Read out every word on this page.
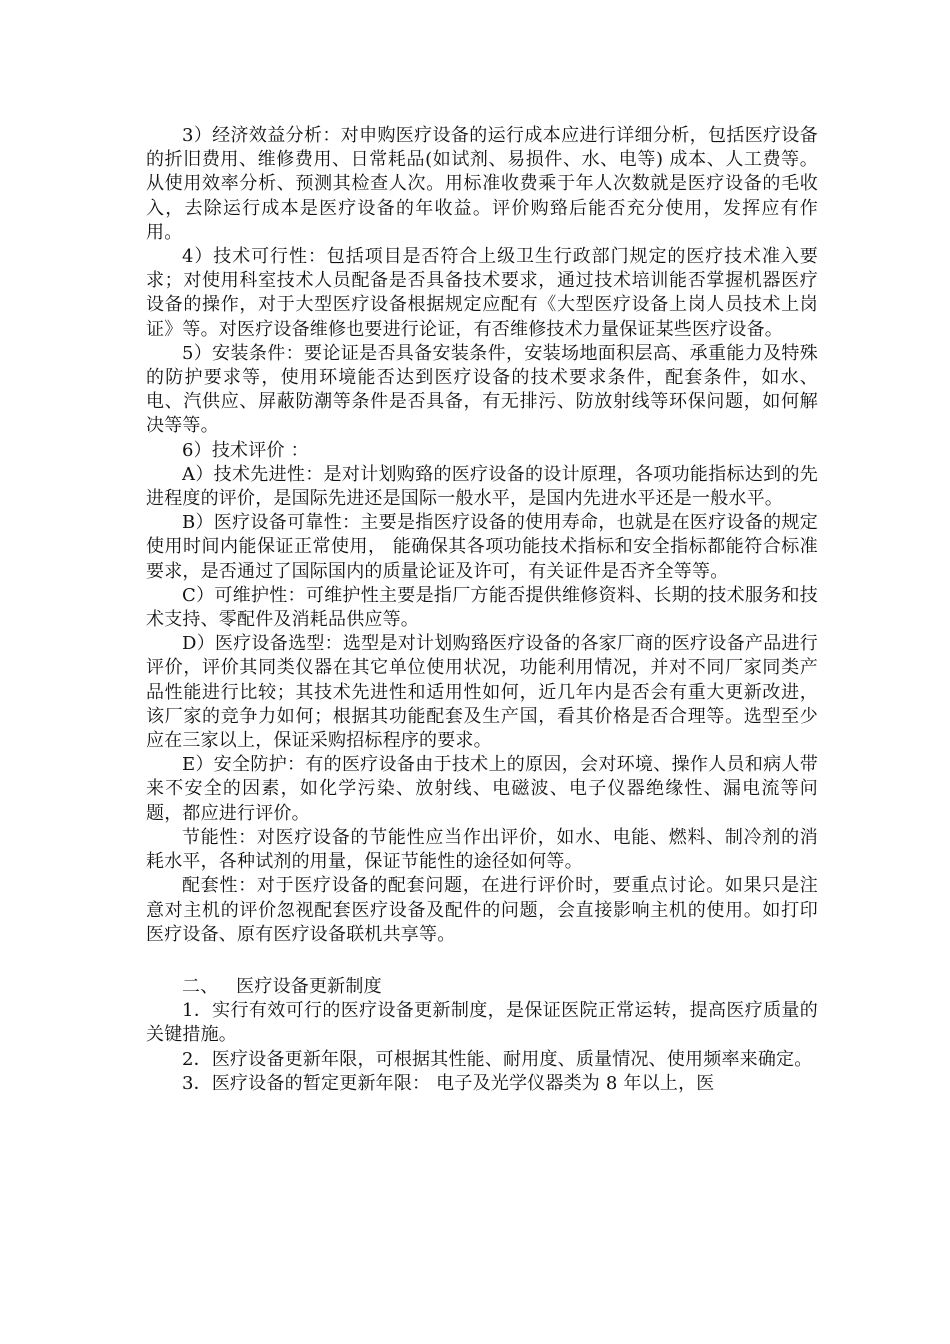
3）经济效益分析：对申购医疗设备的运行成本应进行详细分析，包括医疗设备的折旧费用、维修费用、日常耗品(如试剂、易损件、水、电等) 成本、人工费等。从使用效率分析、预测其检查人次。用标准收费乘于年人次数就是医疗设备的毛收入，去除运行成本是医疗设备的年收益。评价购臵后能否充分使用，发挥应有作用。

4）技术可行性：包括项目是否符合上级卫生行政部门规定的医疗技术准入要求；对使用科室技术人员配备是否具备技术要求，通过技术培训能否掌握机器医疗设备的操作，对于大型医疗设备根据规定应配有《大型医疗设备上岗人员技术上岗证》等。对医疗设备维修也要进行论证，有否维修技术力量保证某些医疗设备。

5）安装条件：要论证是否具备安装条件，安装场地面积层高、承重能力及特殊的防护要求等，使用环境能否达到医疗设备的技术要求条件，配套条件，如水、电、汽供应、屏蔽防潮等条件是否具备，有无排污、防放射线等环保问题，如何解决等等。

6）技术评价 ：

A）技术先进性：是对计划购臵的医疗设备的设计原理，各项功能指标达到的先进程度的评价，是国际先进还是国际一般水平，是国内先进水平还是一般水平。

B）医疗设备可靠性：主要是指医疗设备的使用寿命，也就是在医疗设备的规定使用时间内能保证正常使用， 能确保其各项功能技术指标和安全指标都能符合标准要求，是否通过了国际国内的质量论证及许可，有关证件是否齐全等等。

C）可维护性：可维护性主要是指厂方能否提供维修资料、长期的技术服务和技术支持、零配件及消耗品供应等。

D）医疗设备选型：选型是对计划购臵医疗设备的各家厂商的医疗设备产品进行评价，评价其同类仪器在其它单位使用状况，功能利用情况，并对不同厂家同类产品性能进行比较；其技术先进性和适用性如何，近几年内是否会有重大更新改进，该厂家的竞争力如何；根据其功能配套及生产国，看其价格是否合理等。选型至少应在三家以上，保证采购招标程序的要求。

E）安全防护：有的医疗设备由于技术上的原因，会对环境、操作人员和病人带来不安全的因素，如化学污染、放射线、电磁波、电子仪器绝缘性、漏电流等问题，都应进行评价。

节能性：对医疗设备的节能性应当作出评价，如水、电能、燃料、制冷剂的消耗水平，各种试剂的用量，保证节能性的途径如何等。

配套性：对于医疗设备的配套问题，在进行评价时，要重点讨论。如果只是注意对主机的评价忽视配套医疗设备及配件的问题，会直接影响主机的使用。如打印医疗设备、原有医疗设备联机共享等。

二、   医疗设备更新制度

1．实行有效可行的医疗设备更新制度，是保证医院正常运转，提高医疗质量的关键措施。

2．医疗设备更新年限，可根据其性能、耐用度、质量情况、使用频率来确定。

3．医疗设备的暂定更新年限： 电子及光学仪器类为 8 年以上，医
